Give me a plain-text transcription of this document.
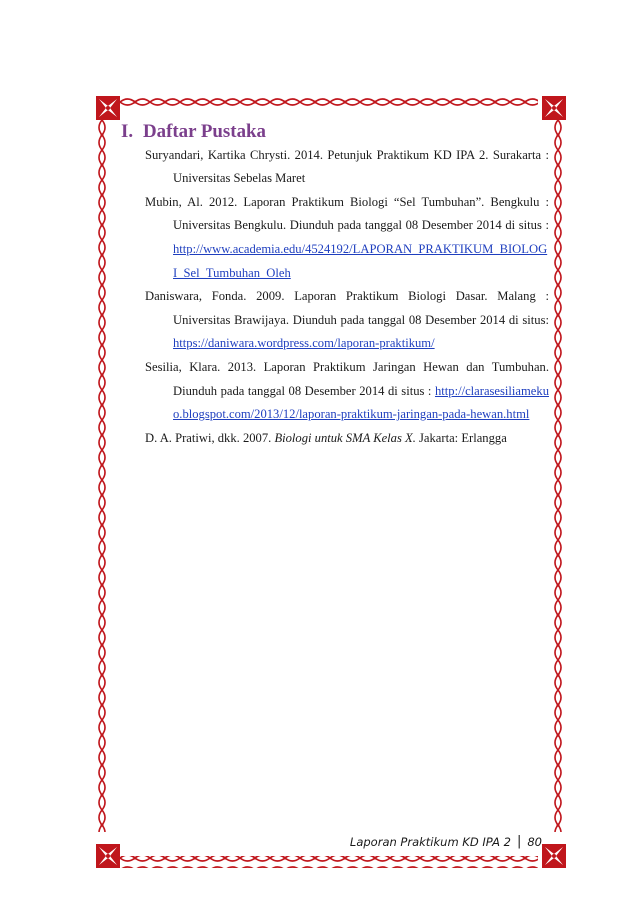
I. Daftar Pustaka
Suryandari, Kartika Chrysti. 2014. Petunjuk Praktikum KD IPA 2. Surakarta : Universitas Sebelas Maret
Mubin, Al. 2012. Laporan Praktikum Biologi “Sel Tumbuhan”. Bengkulu : Universitas Bengkulu. Diunduh pada tanggal 08 Desember 2014 di situs : http://www.academia.edu/4524192/LAPORAN_PRAKTIKUM_BIOLOGI_Sel_Tumbuhan_Oleh
Daniswara, Fonda. 2009. Laporan Praktikum Biologi Dasar. Malang : Universitas Brawijaya. Diunduh pada tanggal 08 Desember 2014 di situs: https://daniwara.wordpress.com/laporan-praktikum/
Sesilia, Klara. 2013. Laporan Praktikum Jaringan Hewan dan Tumbuhan. Diunduh pada tanggal 08 Desember 2014 di situs : http://clarasesiliamekuo.blogspot.com/2013/12/laporan-praktikum-jaringan-pada-hewan.html
D. A. Pratiwi, dkk. 2007. Biologi untuk SMA Kelas X. Jakarta: Erlangga
Laporan Praktikum KD IPA 2 | 80
